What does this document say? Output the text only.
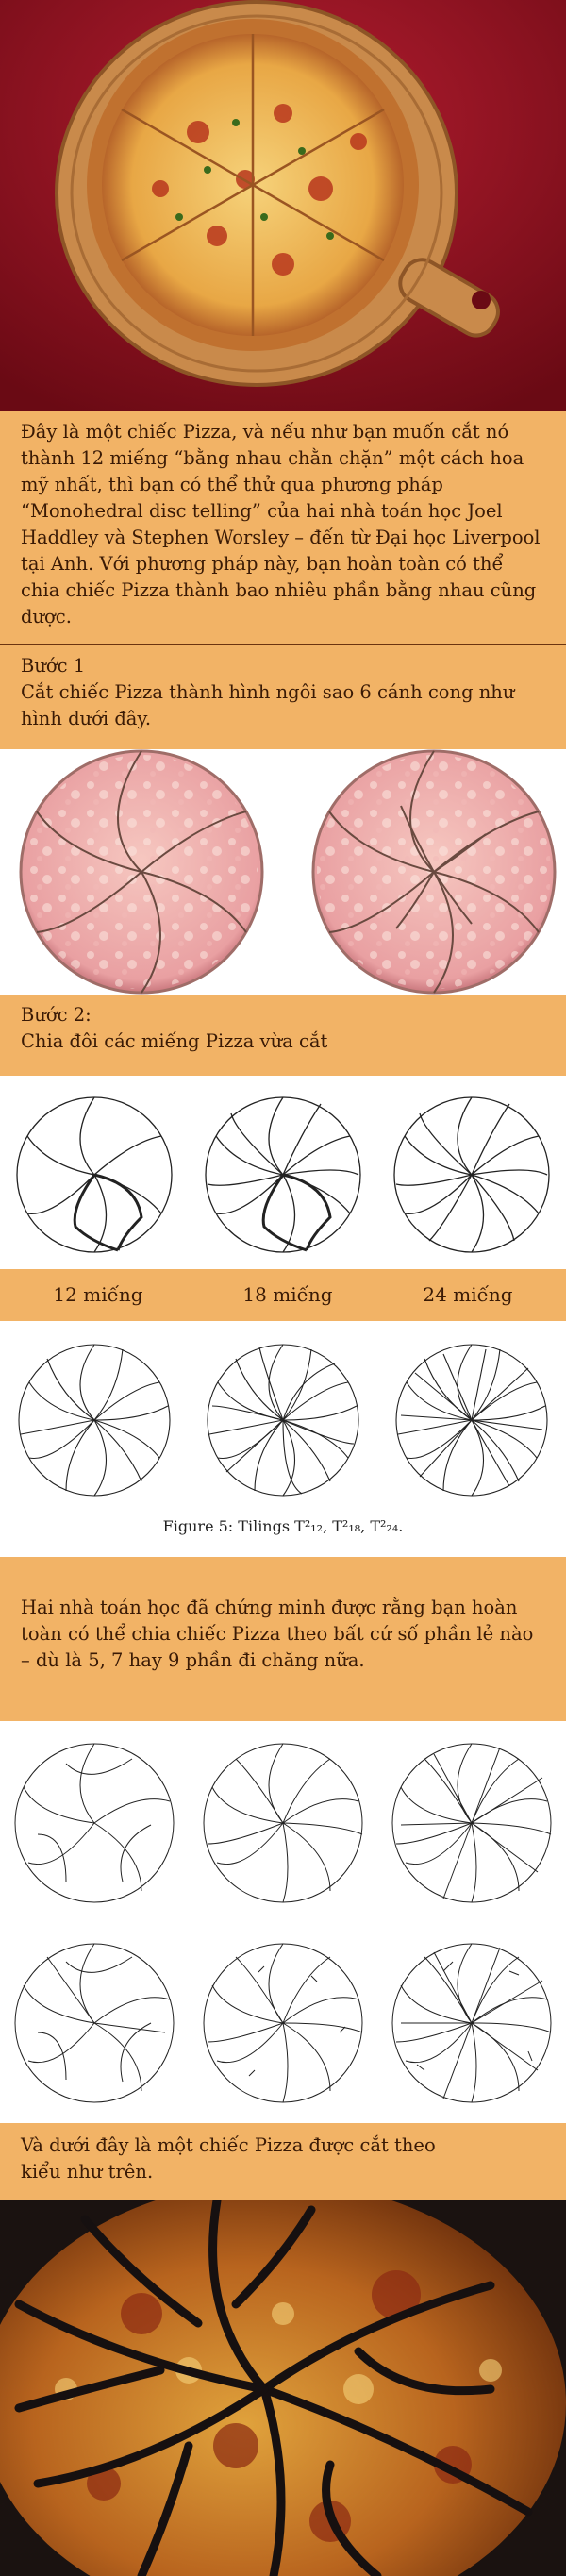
Đây là một chiếc Pizza, và nếu như bạn muốn cắt nó thành 12 miếng “bằng nhau chằn chặn” một cách hoa mỹ nhất, thì bạn có thể thử qua phương pháp “Monohedral disc telling” của hai nhà toán học Joel Haddley và Stephen Worsley – đến từ Đại học Liverpool tại Anh. Với phương pháp này, bạn hoàn toàn có thể chia chiếc Pizza thành bao nhiêu phần bằng nhau cũng được.
Bước 1
Cắt chiếc Pizza thành hình ngôi sao 6 cánh cong như hình dưới đây.
Bước 2:
Chia đôi các miếng Pizza vừa cắt
12 miếng	18 miếng	24 miếng
Figure 5: Tilings T²₁₂, T²₁₈, T²₂₄.
Hai nhà toán học đã chứng minh được rằng bạn hoàn toàn có thể chia chiếc Pizza theo bất cứ số phần lẻ nào – dù là 5, 7 hay 9 phần đi chăng nữa.
Và dưới đây là một chiếc Pizza được cắt theo kiểu như trên.
